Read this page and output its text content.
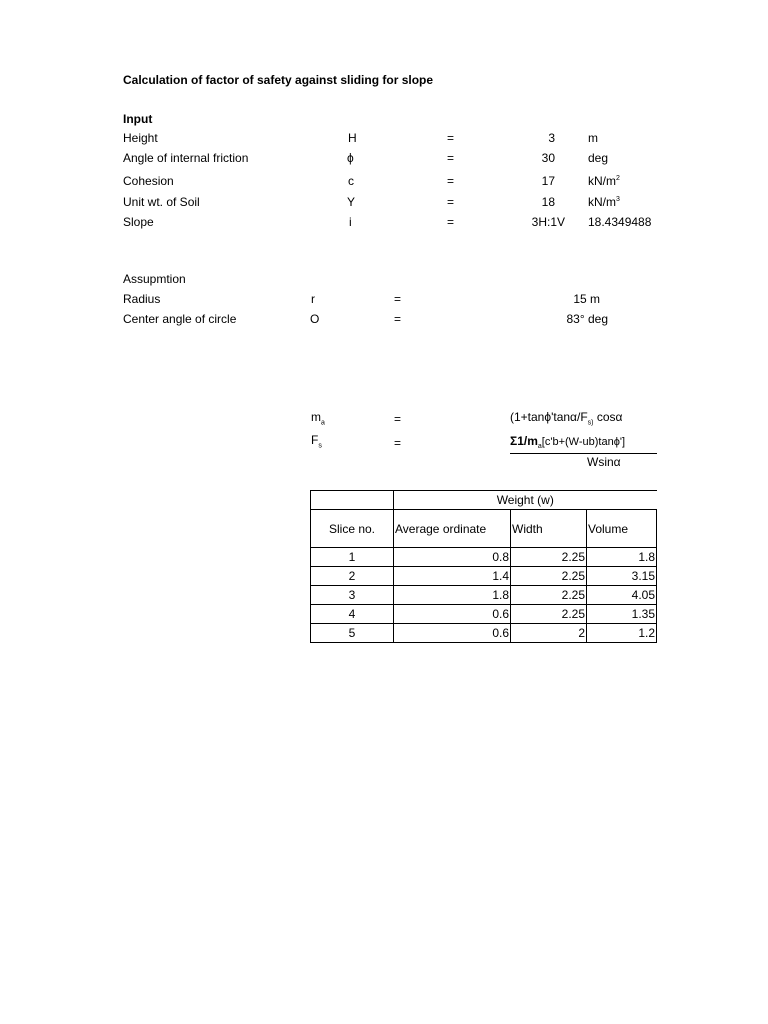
Calculation of factor of safety against sliding for slope
Input
Height	H	=	3	m
Angle of internal friction	ϕ	=	30	deg
Cohesion	c	=	17	$kN/m^2$
Unit wt. of Soil	Y	=	18	$kN/m^3$
Slope	i	=	3H:1V 18.4349488
Assupmtion
Radius	r	=	15 m
Center angle of circle	O	=	83° deg
$m_a$	=	($1+\tan\phi'\tan\alpha/F_{s)}$ cosα
$F_s$	=	$\Sigma 1/m_a[c'b+(W-ub)\tan\phi']$
Wsinα
	Weight (w)		
Slice no.	Average ordinate	Width	Volume
1	0.8	2.25	1.8
2	1.4	2.25	3.15
3	1.8	2.25	4.05
4	0.6	2.25	1.35
5	0.6	2	1.2
